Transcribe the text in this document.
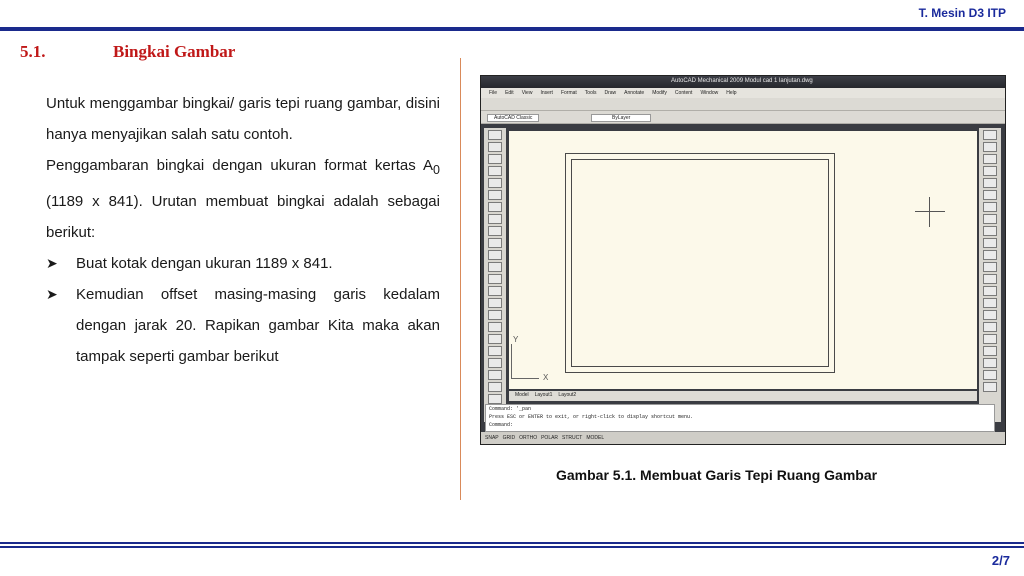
T. Mesin D3 ITP
5.1.	Bingkai Gambar

Untuk menggambar bingkai/ garis tepi ruang gambar, disini hanya menyajikan salah satu contoh.

Penggambaran bingkai dengan ukuran format kertas $A_0$ (1189 x 841). Urutan membuat bingkai adalah sebagai berikut:

➤ Buat kotak dengan ukuran 1189 x 841.

➤ Kemudian offset masing-masing garis kedalam dengan jarak 20. Rapikan gambar Kita maka akan tampak seperti gambar berikut

AutoCAD Mechanical 2009 Modul cad 1 lanjutan.dwg
File Edit View Insert Format Tools Draw Annotate Modify Content Window Help
AutoCAD Classic	ByLayer
X
Y
Model Layout1 Layout2
Command: '_pan
Press ESC or ENTER to exit, or right-click to display shortcut menu.
Command:
SNAP GRID ORTHO POLAR STRUCT MODEL
Gambar 5.1. Membuat Garis Tepi Ruang Gambar
2/7
